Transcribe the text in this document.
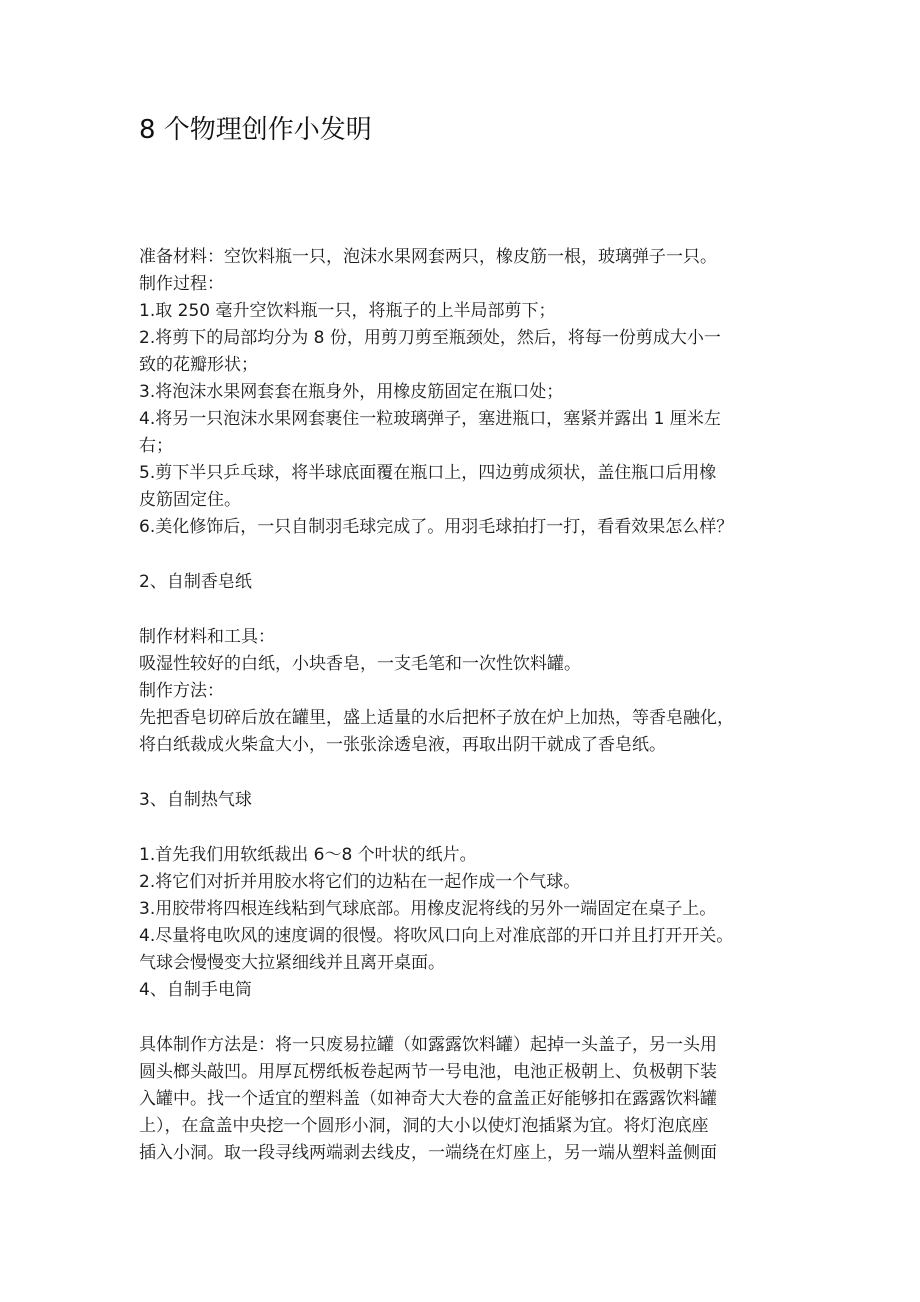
8 个物理创作小发明
准备材料：空饮料瓶一只，泡沫水果网套两只，橡皮筋一根，玻璃弹子一只。
制作过程：
1.取 250 毫升空饮料瓶一只，将瓶子的上半局部剪下；
2.将剪下的局部均分为 8 份，用剪刀剪至瓶颈处，然后，将每一份剪成大小一
致的花瓣形状；
3.将泡沫水果网套套在瓶身外，用橡皮筋固定在瓶口处；
4.将另一只泡沫水果网套裹住一粒玻璃弹子，塞进瓶口，塞紧并露出 1 厘米左
右；
5.剪下半只乒乓球，将半球底面覆在瓶口上，四边剪成须状，盖住瓶口后用橡
皮筋固定住。
6.美化修饰后，一只自制羽毛球完成了。用羽毛球拍打一打，看看效果怎么样？
2、自制香皂纸
制作材料和工具：
吸湿性较好的白纸，小块香皂，一支毛笔和一次性饮料罐。
制作方法：
先把香皂切碎后放在罐里，盛上适量的水后把杯子放在炉上加热，等香皂融化，
将白纸裁成火柴盒大小，一张张涂透皂液，再取出阴干就成了香皂纸。
3、自制热气球
1.首先我们用软纸裁出 6～8 个叶状的纸片。
2.将它们对折并用胶水将它们的边粘在一起作成一个气球。
3.用胶带将四根连线粘到气球底部。用橡皮泥将线的另外一端固定在桌子上。
4.尽量将电吹风的速度调的很慢。将吹风口向上对准底部的开口并且打开开关。
气球会慢慢变大拉紧细线并且离开桌面。
4、自制手电筒
具体制作方法是：将一只废易拉罐（如露露饮料罐）起掉一头盖子，另一头用
圆头榔头敲凹。用厚瓦楞纸板卷起两节一号电池，电池正极朝上、负极朝下装
入罐中。找一个适宜的塑料盖（如神奇大大卷的盒盖正好能够扣在露露饮料罐
上），在盒盖中央挖一个圆形小洞，洞的大小以使灯泡插紧为宜。将灯泡底座
插入小洞。取一段寻线两端剥去线皮，一端绕在灯座上，另一端从塑料盖侧面
